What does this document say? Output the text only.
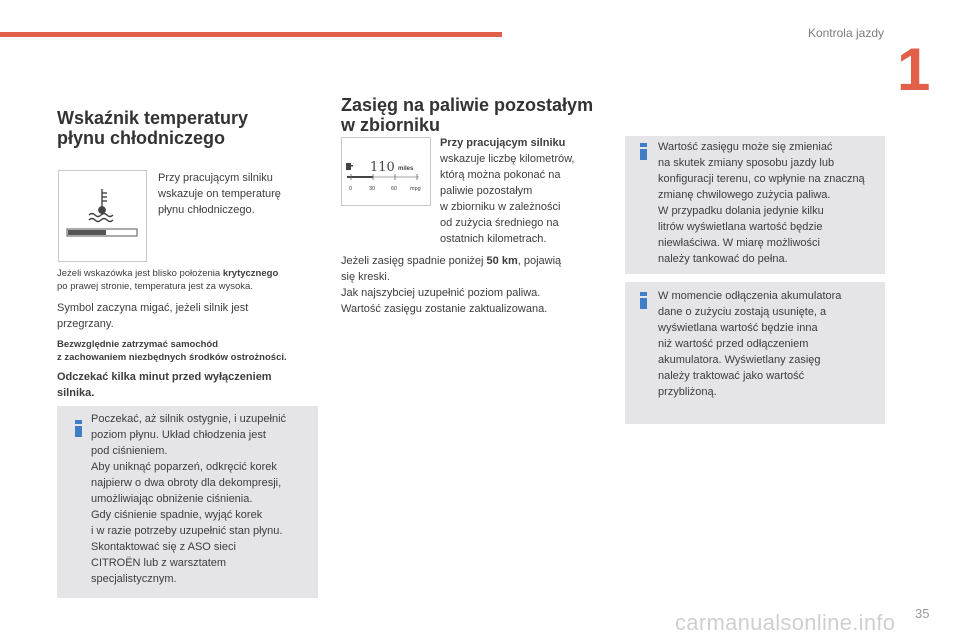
Kontrola jazdy
1
Wskaźnik temperatury
płynu chłodniczego
Przy pracującym silniku
wskazuje on temperaturę
płynu chłodniczego.
Jeżeli wskazówka jest blisko położenia krytycznego
po prawej stronie, temperatura jest za wysoka.
Symbol zaczyna migać, jeżeli silnik jest
przegrzany.
Bezwzględnie zatrzymać samochód
z zachowaniem niezbędnych środków ostrożności.
Odczekać kilka minut przed wyłączeniem
silnika.
Poczekać, aż silnik ostygnie, i uzupełnić
poziom płynu. Układ chłodzenia jest
pod ciśnieniem.
Aby uniknąć poparzeń, odkręcić korek
najpierw o dwa obroty dla dekompresji,
umożliwiając obniżenie ciśnienia.
Gdy ciśnienie spadnie, wyjąć korek
i w razie potrzeby uzupełnić stan płynu.
Skontaktować się z ASO sieci
CITROËN lub z warsztatem
specjalistycznym.
Zasięg na paliwie pozostałym
w zbiorniku
110 miles
0	30	60 mpg
Przy pracującym silniku
wskazuje liczbę kilometrów,
którą można pokonać na
paliwie pozostałym
w zbiorniku w zależności
od zużycia średniego na
ostatnich kilometrach.
Jeżeli zasięg spadnie poniżej 50 km, pojawią
się kreski.
Jak najszybciej uzupełnić poziom paliwa.
Wartość zasięgu zostanie zaktualizowana.
Wartość zasięgu może się zmieniać
na skutek zmiany sposobu jazdy lub
konfiguracji terenu, co wpłynie na znaczną
zmianę chwilowego zużycia paliwa.
W przypadku dolania jedynie kilku
litrów wyświetlana wartość będzie
niewłaściwa. W miarę możliwości
należy tankować do pełna.
W momencie odłączenia akumulatora
dane o zużyciu zostają usunięte, a
wyświetlana wartość będzie inna
niż wartość przed odłączeniem
akumulatora. Wyświetlany zasięg
należy traktować jako wartość
przybliżoną.
carmanualsonline.info 35
